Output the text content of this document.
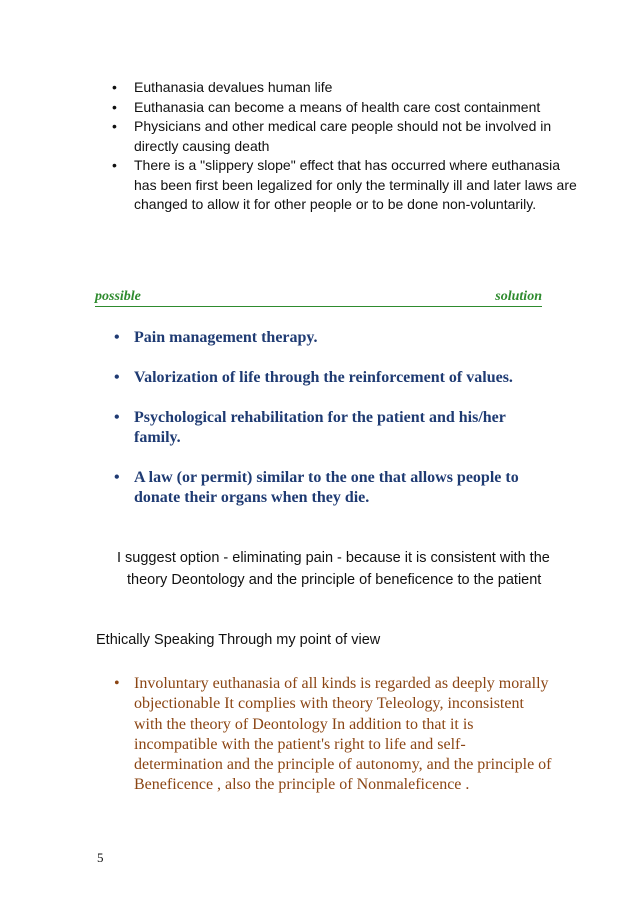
• Euthanasia devalues human life
• Euthanasia can become a means of health care cost containment
• Physicians and other medical care people should not be involved in directly causing death
• There is a "slippery slope" effect that has occurred where euthanasia has been first been legalized for only the terminally ill and later laws are changed to allow it for other people or to be done non-voluntarily.
possible	solution
• Pain management therapy.
• Valorization of life through the reinforcement of values.
• Psychological rehabilitation for the patient and his/her family.
• A law (or permit) similar to the one that allows people to donate their organs when they die.
I suggest option - eliminating pain - because it is consistent with the
theory Deontology and the principle of beneficence to the patient
Ethically Speaking Through my point of view
• Involuntary euthanasia of all kinds is regarded as deeply morally objectionable It complies with theory Teleology, inconsistent with the theory of Deontology In addition to that it is incompatible with the patient's right to life and self-determination and the principle of autonomy, and the principle of Beneficence , also the principle of Nonmaleficence .
5
